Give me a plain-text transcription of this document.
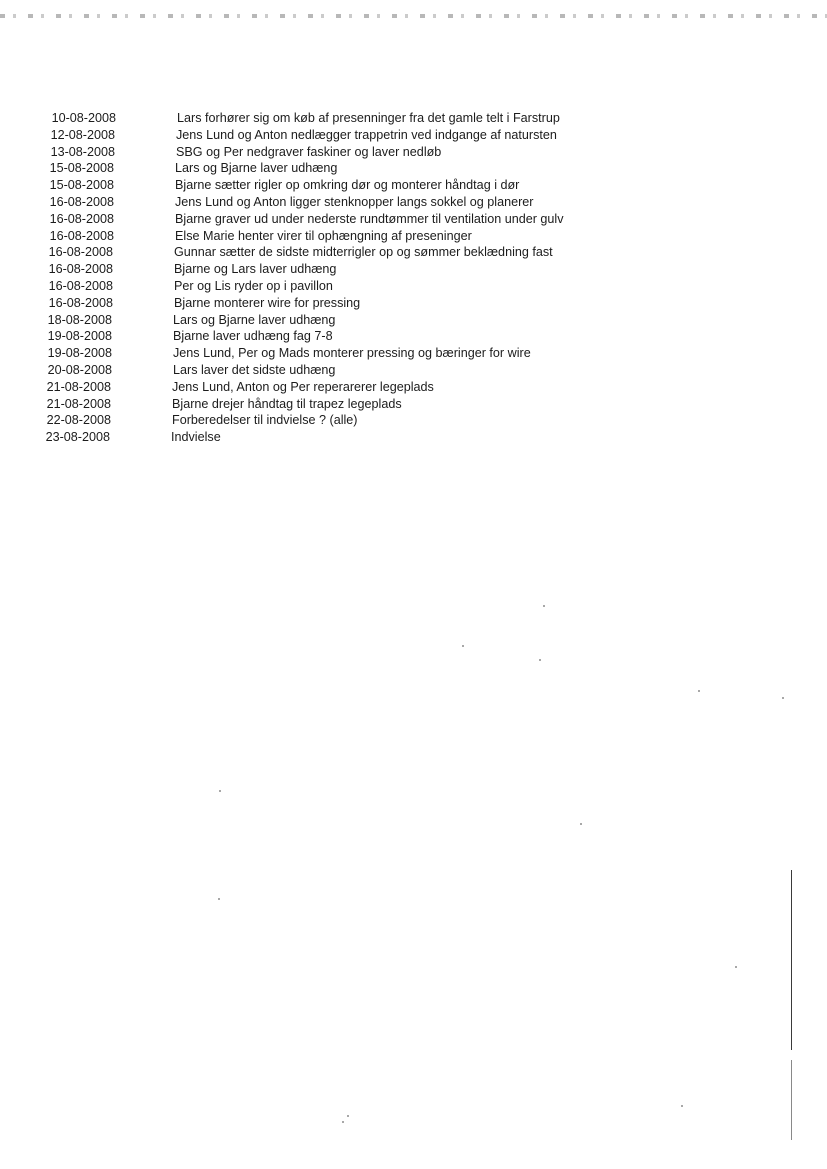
10-08-2008	Lars forhører sig om køb af presenninger fra det gamle telt i Farstrup
12-08-2008	Jens Lund og Anton nedlægger trappetrin ved indgange af natursten
13-08-2008	SBG og Per nedgraver faskiner og laver nedløb
15-08-2008	Lars og Bjarne laver udhæng
15-08-2008	Bjarne sætter rigler op omkring dør og monterer håndtag i dør
16-08-2008	Jens Lund og Anton ligger stenknopper langs sokkel og planerer
16-08-2008	Bjarne graver ud under nederste rundtømmer til ventilation under gulv
16-08-2008	Else Marie henter virer til ophængning af preseninger
16-08-2008	Gunnar sætter de sidste midterrigler op og sømmer beklædning fast
16-08-2008	Bjarne og Lars laver udhæng
16-08-2008	Per og Lis ryder op i pavillon
16-08-2008	Bjarne monterer wire for pressing
18-08-2008	Lars og Bjarne laver udhæng
19-08-2008	Bjarne laver udhæng fag 7-8
19-08-2008	Jens Lund, Per og Mads monterer pressing og bæringer for wire
20-08-2008	Lars laver det sidste udhæng
21-08-2008	Jens Lund, Anton og Per reperarerer legeplads
21-08-2008	Bjarne drejer håndtag til trapez legeplads
22-08-2008	Forberedelser til indvielse ? (alle)
23-08-2008	Indvielse
